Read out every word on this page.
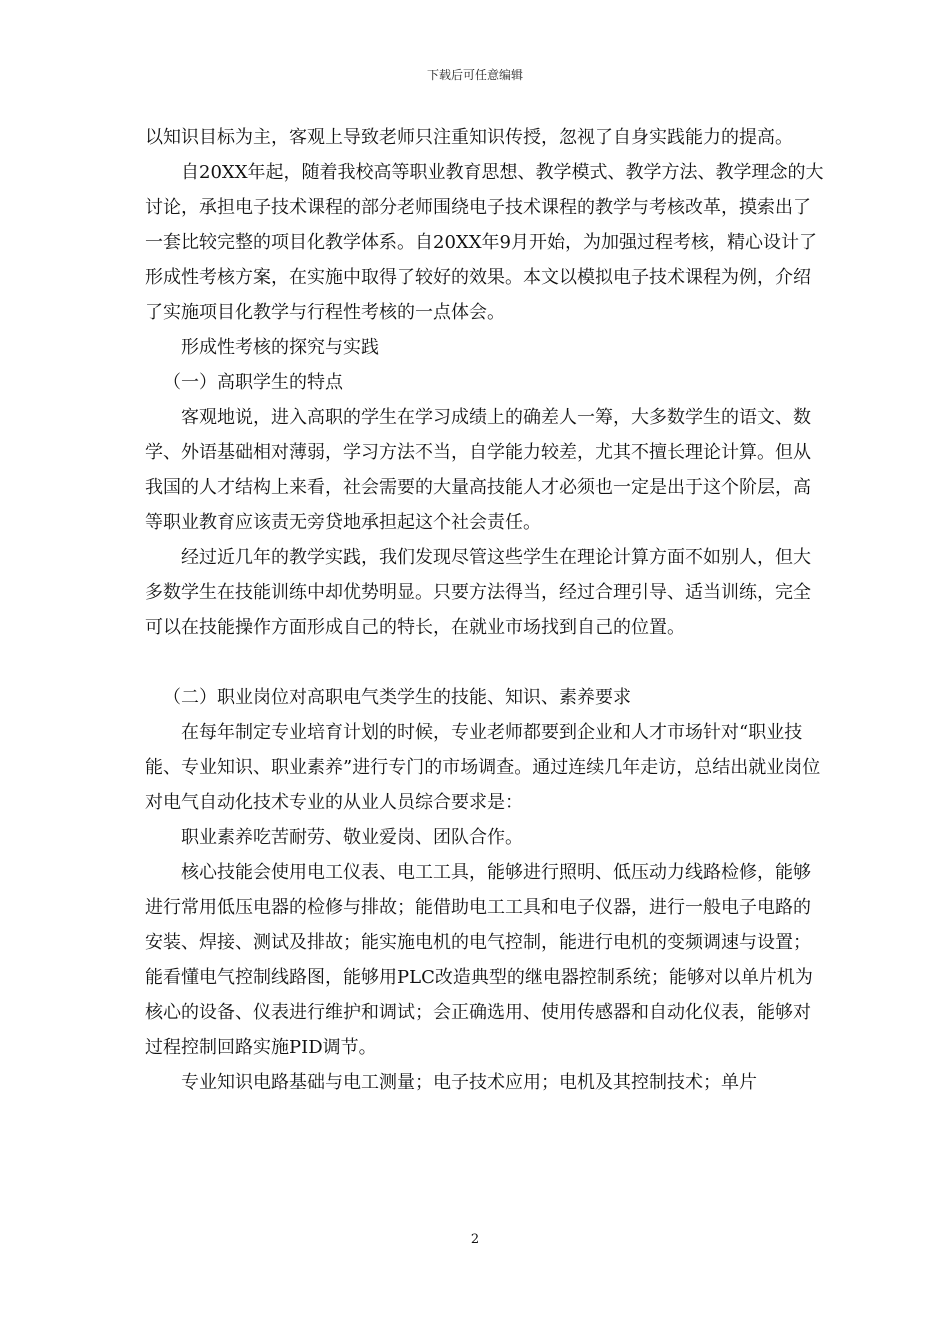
下载后可任意编辑

以知识目标为主，客观上导致老师只注重知识传授，忽视了自身实践能力的提高。

自20XX年起，随着我校高等职业教育思想、教学模式、教学方法、教学理念的大讨论，承担电子技术课程的部分老师围绕电子技术课程的教学与考核改革，摸索出了一套比较完整的项目化教学体系。自20XX年9月开始，为加强过程考核，精心设计了形成性考核方案，在实施中取得了较好的效果。本文以模拟电子技术课程为例，介绍了实施项目化教学与行程性考核的一点体会。

形成性考核的探究与实践

（一）高职学生的特点

客观地说，进入高职的学生在学习成绩上的确差人一筹，大多数学生的语文、数学、外语基础相对薄弱，学习方法不当，自学能力较差，尤其不擅长理论计算。但从我国的人才结构上来看，社会需要的大量高技能人才必须也一定是出于这个阶层，高等职业教育应该责无旁贷地承担起这个社会责任。

经过近几年的教学实践，我们发现尽管这些学生在理论计算方面不如别人，但大多数学生在技能训练中却优势明显。只要方法得当，经过合理引导、适当训练，完全可以在技能操作方面形成自己的特长，在就业市场找到自己的位置。

（二）职业岗位对高职电气类学生的技能、知识、素养要求

在每年制定专业培育计划的时候，专业老师都要到企业和人才市场针对“职业技能、专业知识、职业素养”进行专门的市场调查。通过连续几年走访，总结出就业岗位对电气自动化技术专业的从业人员综合要求是：

职业素养吃苦耐劳、敬业爱岗、团队合作。

核心技能会使用电工仪表、电工工具，能够进行照明、低压动力线路检修，能够进行常用低压电器的检修与排故；能借助电工工具和电子仪器，进行一般电子电路的安装、焊接、测试及排故；能实施电机的电气控制，能进行电机的变频调速与设置；能看懂电气控制线路图，能够用PLC改造典型的继电器控制系统；能够对以单片机为核心的设备、仪表进行维护和调试；会正确选用、使用传感器和自动化仪表，能够对过程控制回路实施PID调节。

专业知识电路基础与电工测量；电子技术应用；电机及其控制技术；单片

2
